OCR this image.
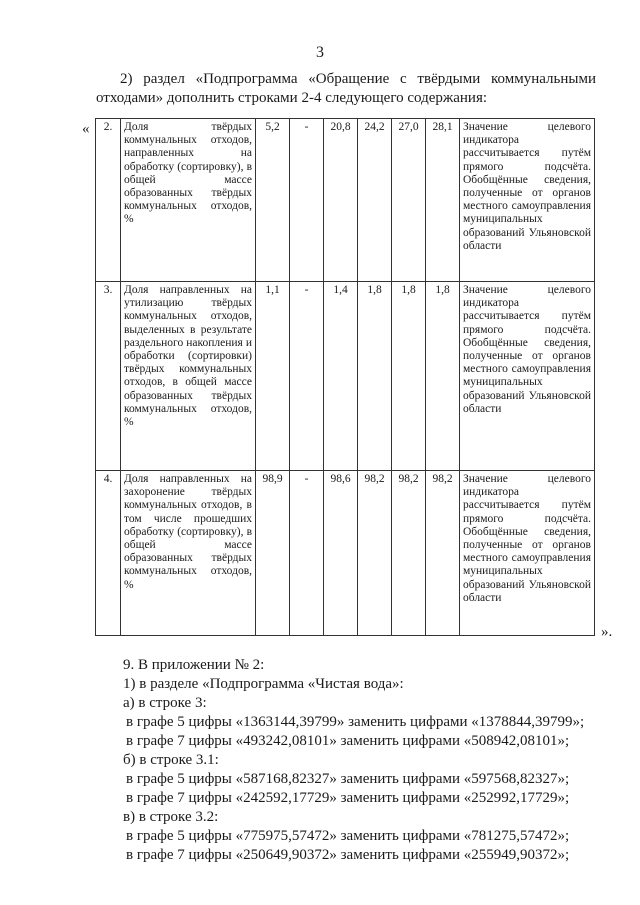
3
2) раздел «Подпрограмма «Обращение с твёрдыми коммунальными отходами» дополнить строками 2-4 следующего содержания:
« 2.	Доля твёрдых коммунальных отходов, направленных на обработку (сортировку), в общей массе образованных твёрдых коммунальных отходов, %	5,2	-	20,8	24,2	27,0	28,1	Значение целевого индикатора рассчитывается путём прямого подсчёта. Обобщённые сведения, полученные от органов местного самоуправления муниципальных образований Ульяновской области
3.	Доля направленных на утилизацию твёрдых коммунальных отходов, выделенных в результате раздельного накопления и обработки (сортировки) твёрдых коммунальных отходов, в общей массе образованных твёрдых коммунальных отходов, %	1,1	-	1,4	1,8	1,8	1,8	Значение целевого индикатора рассчитывается путём прямого подсчёта. Обобщённые сведения, полученные от органов местного самоуправления муниципальных образований Ульяновской области
4.	Доля направленных на захоронение твёрдых коммунальных отходов, в том числе прошедших обработку (сортировку), в общей массе образованных твёрдых коммунальных отходов, %	98,9	-	98,6	98,2	98,2	98,2	Значение целевого индикатора рассчитывается путём прямого подсчёта. Обобщённые сведения, полученные от органов местного самоуправления муниципальных образований Ульяновской области
».
9. В приложении № 2:
1) в разделе «Подпрограмма «Чистая вода»:
а) в строке 3:
в графе 5 цифры «1363144,39799» заменить цифрами «1378844,39799»;
в графе 7 цифры «493242,08101» заменить цифрами «508942,08101»;
б) в строке 3.1:
в графе 5 цифры «587168,82327» заменить цифрами «597568,82327»;
в графе 7 цифры «242592,17729» заменить цифрами «252992,17729»;
в) в строке 3.2:
в графе 5 цифры «775975,57472» заменить цифрами «781275,57472»;
в графе 7 цифры «250649,90372» заменить цифрами «255949,90372»;
